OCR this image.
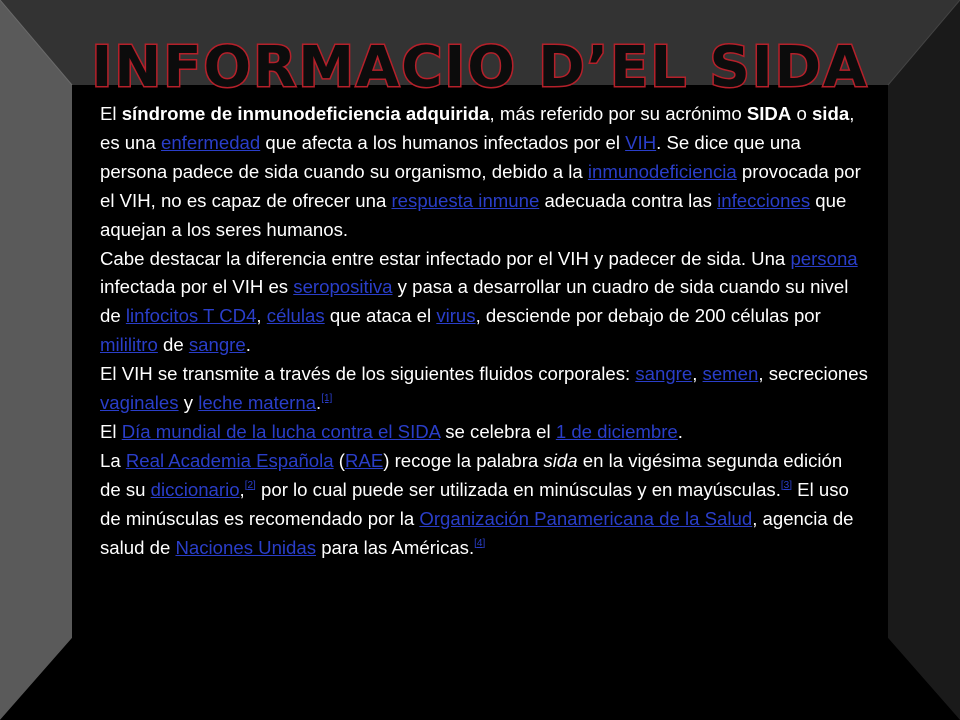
INFORMACIO D’EL SIDA

El síndrome de inmunodeficiencia adquirida, más referido por su acrónimo SIDA o sida, es una enfermedad que afecta a los humanos infectados por el VIH. Se dice que una persona padece de sida cuando su organismo, debido a la inmunodeficiencia provocada por el VIH, no es capaz de ofrecer una respuesta inmune adecuada contra las infecciones que aquejan a los seres humanos.

Cabe destacar la diferencia entre estar infectado por el VIH y padecer de sida. Una persona infectada por el VIH es seropositiva y pasa a desarrollar un cuadro de sida cuando su nivel de linfocitos T CD4, células que ataca el virus, desciende por debajo de 200 células por mililitro de sangre.

El VIH se transmite a través de los siguientes fluidos corporales: sangre, semen, secreciones vaginales y leche materna.[1]

El Día mundial de la lucha contra el SIDA se celebra el 1 de diciembre.

La Real Academia Española (RAE) recoge la palabra sida en la vigésima segunda edición de su diccionario,[2] por lo cual puede ser utilizada en minúsculas y en mayúsculas.[3] El uso de minúsculas es recomendado por la Organización Panamericana de la Salud, agencia de salud de Naciones Unidas para las Américas.[4]
